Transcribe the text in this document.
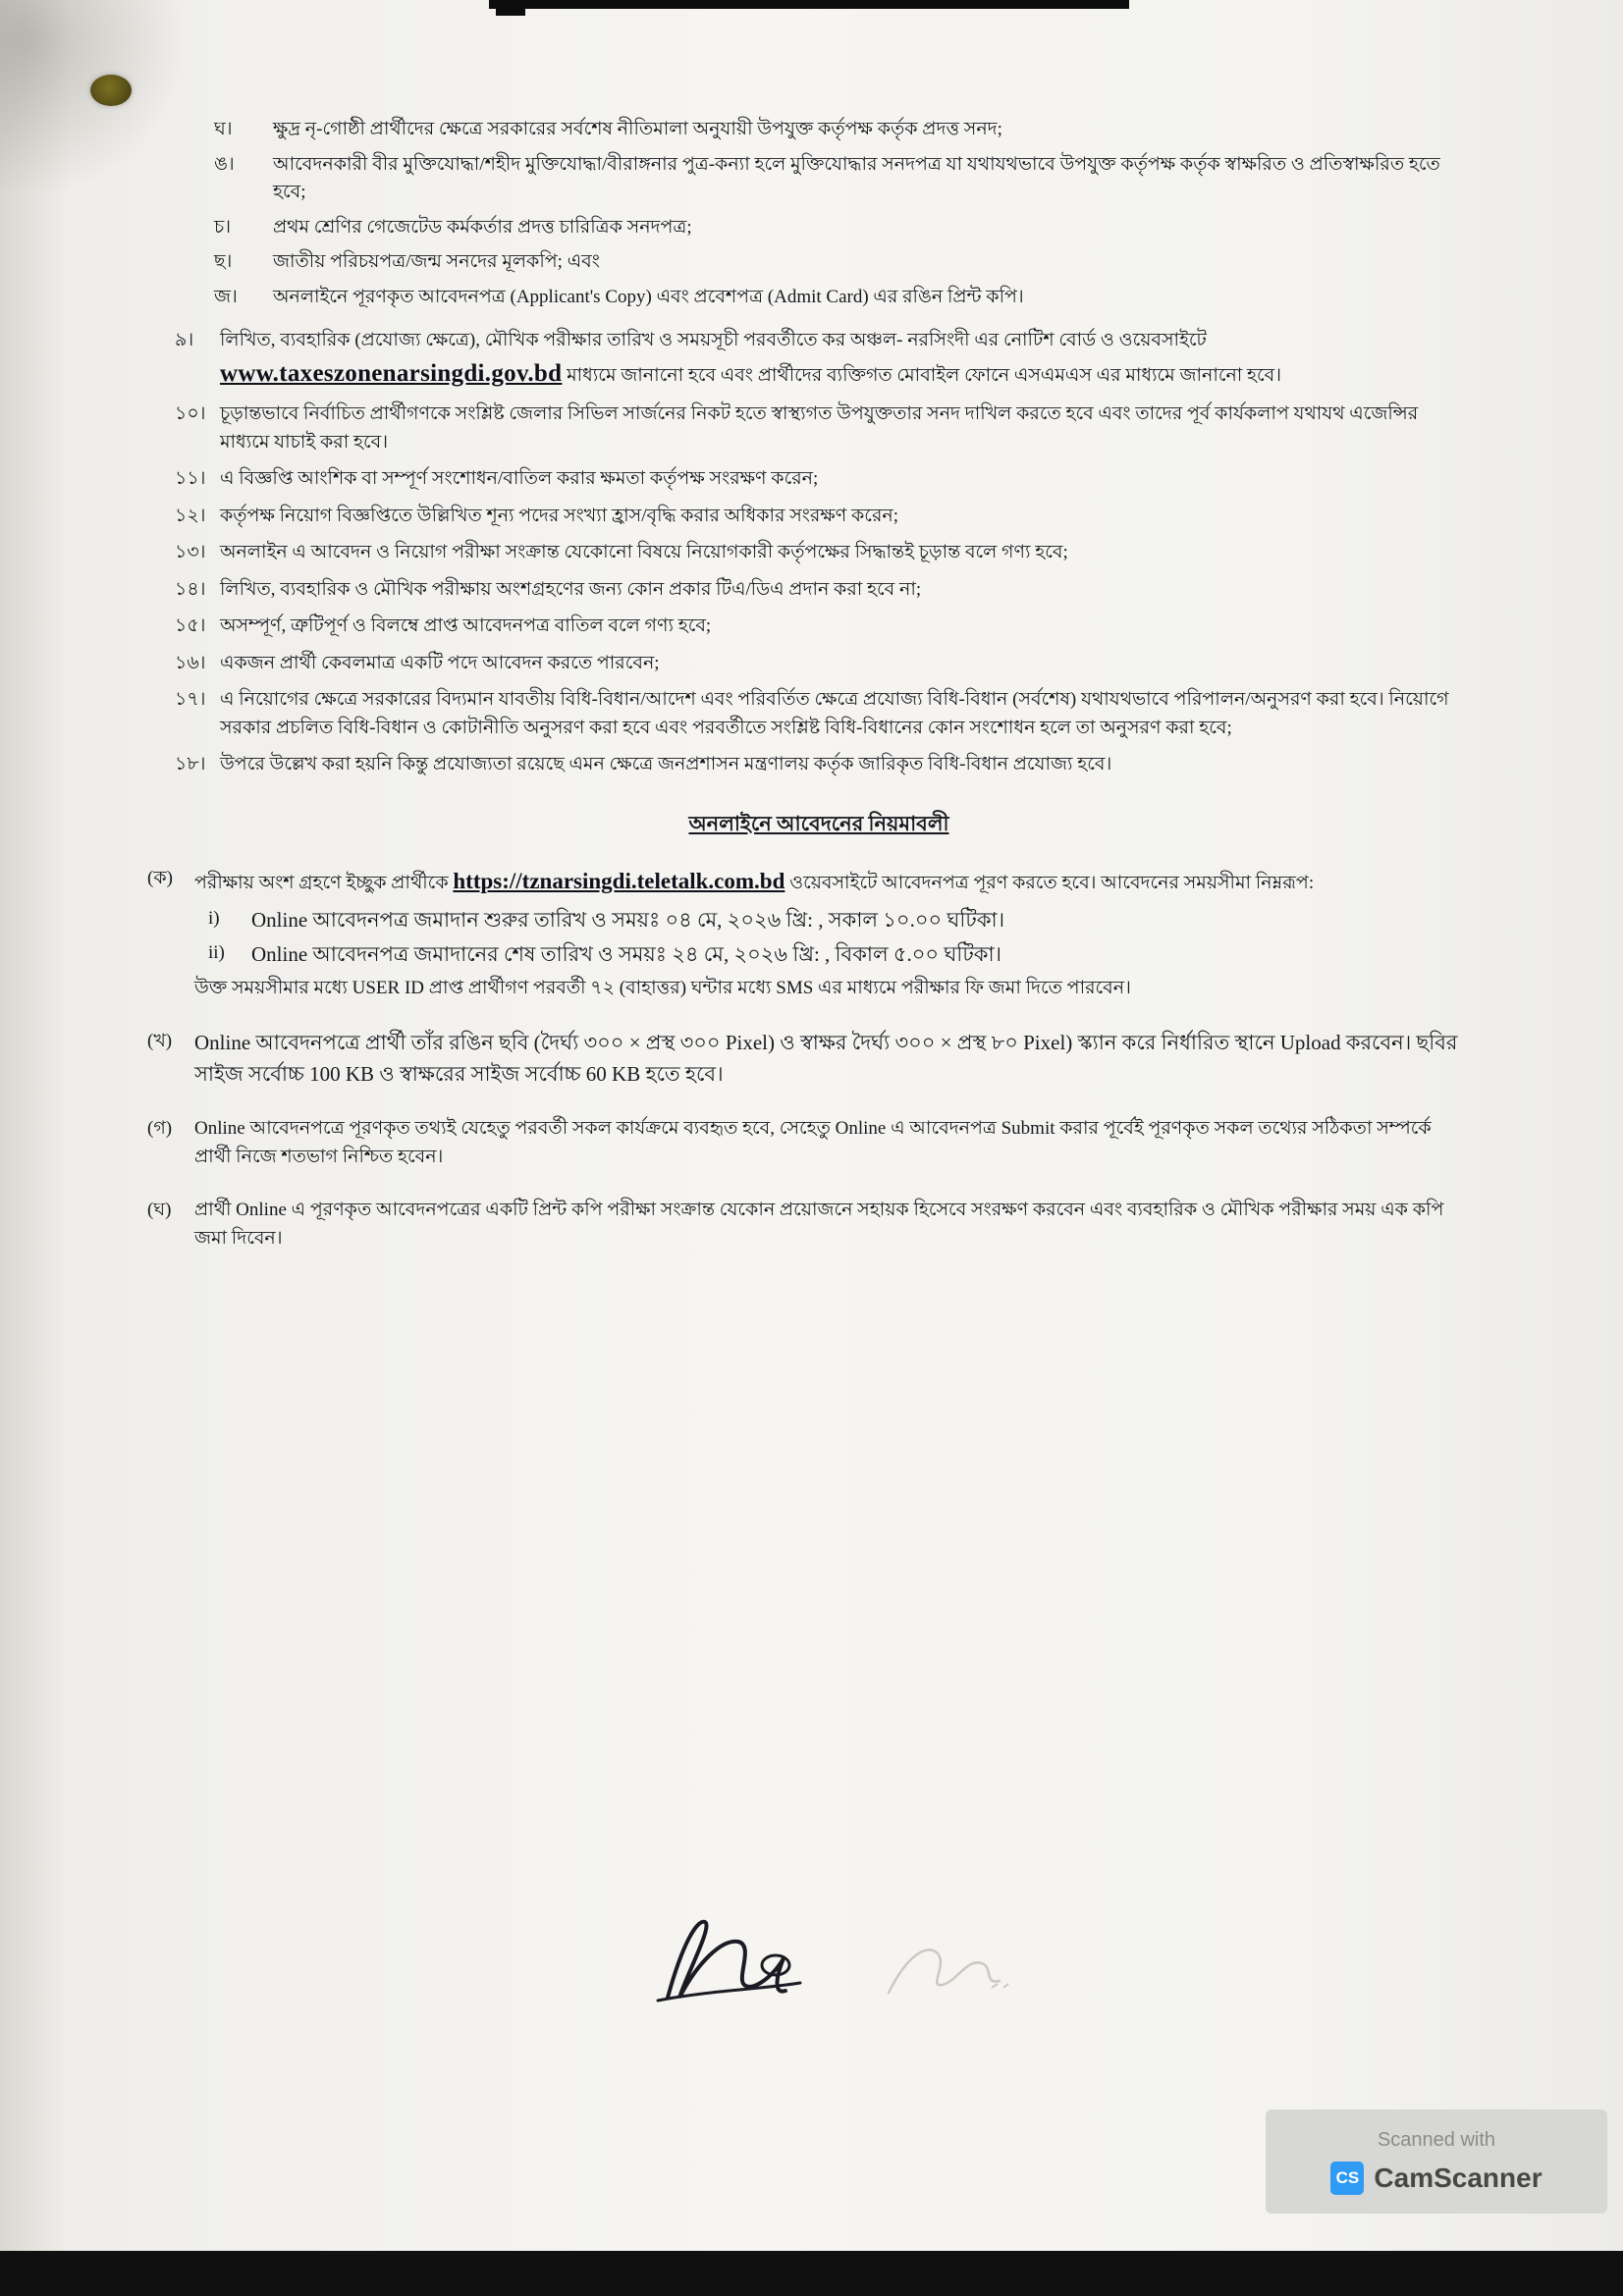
ঘ।	ক্ষুদ্র নৃ-গোষ্ঠী প্রার্থীদের ক্ষেত্রে সরকারের সর্বশেষ নীতিমালা অনুযায়ী উপযুক্ত কর্তৃপক্ষ কর্তৃক প্রদত্ত সনদ;
ঙ।	আবেদনকারী বীর মুক্তিযোদ্ধা/শহীদ মুক্তিযোদ্ধা/বীরাঙ্গনার পুত্র-কন্যা হলে মুক্তিযোদ্ধার সনদপত্র যা যথাযথভাবে উপযুক্ত কর্তৃপক্ষ কর্তৃক স্বাক্ষরিত ও প্রতিস্বাক্ষরিত হতে হবে;
চ।	প্রথম শ্রেণির গেজেটেড কর্মকর্তার প্রদত্ত চারিত্রিক সনদপত্র;
ছ।	জাতীয় পরিচয়পত্র/জন্ম সনদের মূলকপি; এবং
জ।	অনলাইনে পূরণকৃত আবেদনপত্র (Applicant's Copy) এবং প্রবেশপত্র (Admit Card) এর রঙিন প্রিন্ট কপি।
৯।	লিখিত, ব্যবহারিক (প্রযোজ্য ক্ষেত্রে), মৌখিক পরীক্ষার তারিখ ও সময়সূচী পরবর্তীতে কর অঞ্চল- নরসিংদী এর নোটিশ বোর্ড ও ওয়েবসাইটে www.taxeszonenarsingdi.gov.bd মাধ্যমে জানানো হবে এবং প্রার্থীদের ব্যক্তিগত মোবাইল ফোনে এসএমএস এর মাধ্যমে জানানো হবে।
১০। চূড়ান্তভাবে নির্বাচিত প্রার্থীগণকে সংশ্লিষ্ট জেলার সিভিল সার্জনের নিকট হতে স্বাস্থ্যগত উপযুক্ততার সনদ দাখিল করতে হবে এবং তাদের পূর্ব কার্যকলাপ যথাযথ এজেন্সির মাধ্যমে যাচাই করা হবে।
১১। এ বিজ্ঞপ্তি আংশিক বা সম্পূর্ণ সংশোধন/বাতিল করার ক্ষমতা কর্তৃপক্ষ সংরক্ষণ করেন;
১২। কর্তৃপক্ষ নিয়োগ বিজ্ঞপ্তিতে উল্লিখিত শূন্য পদের সংখ্যা হ্রাস/বৃদ্ধি করার অধিকার সংরক্ষণ করেন;
১৩। অনলাইন এ আবেদন ও নিয়োগ পরীক্ষা সংক্রান্ত যেকোনো বিষয়ে নিয়োগকারী কর্তৃপক্ষের সিদ্ধান্তই চূড়ান্ত বলে গণ্য হবে;
১৪। লিখিত, ব্যবহারিক ও মৌখিক পরীক্ষায় অংশগ্রহণের জন্য কোন প্রকার টিএ/ডিএ প্রদান করা হবে না;
১৫। অসম্পূর্ণ, ত্রুটিপূর্ণ ও বিলম্বে প্রাপ্ত আবেদনপত্র বাতিল বলে গণ্য হবে;
১৬। একজন প্রার্থী কেবলমাত্র একটি পদে আবেদন করতে পারবেন;
১৭। এ নিয়োগের ক্ষেত্রে সরকারের বিদ্যমান যাবতীয় বিধি-বিধান/আদেশ এবং পরিবর্তিত ক্ষেত্রে প্রযোজ্য বিধি-বিধান (সর্বশেষ) যথাযথভাবে পরিপালন/অনুসরণ করা হবে। নিয়োগে সরকার প্রচলিত বিধি-বিধান ও কোটানীতি অনুসরণ করা হবে এবং পরবর্তীতে সংশ্লিষ্ট বিধি-বিধানের কোন সংশোধন হলে তা অনুসরণ করা হবে;
১৮। উপরে উল্লেখ করা হয়নি কিন্তু প্রযোজ্যতা রয়েছে এমন ক্ষেত্রে জনপ্রশাসন মন্ত্রণালয় কর্তৃক জারিকৃত বিধি-বিধান প্রযোজ্য হবে।
অনলাইনে আবেদনের নিয়মাবলী
(ক)	পরীক্ষায় অংশ গ্রহণে ইচ্ছুক প্রার্থীকে https://tznarsingdi.teletalk.com.bd ওয়েবসাইটে আবেদনপত্র পূরণ করতে হবে। আবেদনের সময়সীমা নিম্নরূপ:
i)	Online আবেদনপত্র জমাদান শুরুর তারিখ ও সময়ঃ ০৪ মে, ২০২৬ খ্রি: , সকাল ১০.০০ ঘটিকা।
ii)	Online আবেদনপত্র জমাদানের শেষ তারিখ ও সময়ঃ ২৪ মে, ২০২৬ খ্রি: , বিকাল ৫.০০ ঘটিকা।
উক্ত সময়সীমার মধ্যে USER ID প্রাপ্ত প্রার্থীগণ পরবর্তী ৭২ (বাহাত্তর) ঘন্টার মধ্যে SMS এর মাধ্যমে পরীক্ষার ফি জমা দিতে পারবেন।
(খ)	Online আবেদনপত্রে প্রার্থী তাঁর রঙিন ছবি (দৈর্ঘ্য ৩০০ × প্রস্থ ৩০০ Pixel) ও স্বাক্ষর দৈর্ঘ্য ৩০০ × প্রস্থ ৮০ Pixel) স্ক্যান করে নির্ধারিত স্থানে Upload করবেন। ছবির সাইজ সর্বোচ্চ 100 KB ও স্বাক্ষরের সাইজ সর্বোচ্চ 60 KB হতে হবে।
(গ)	Online আবেদনপত্রে পূরণকৃত তথ্যই যেহেতু পরবর্তী সকল কার্যক্রমে ব্যবহৃত হবে, সেহেতু Online এ আবেদনপত্র Submit করার পূর্বেই পূরণকৃত সকল তথ্যের সঠিকতা সম্পর্কে প্রার্থী নিজে শতভাগ নিশ্চিত হবেন।
(ঘ)	প্রার্থী Online এ পূরণকৃত আবেদনপত্রের একটি প্রিন্ট কপি পরীক্ষা সংক্রান্ত যেকোন প্রয়োজনে সহায়ক হিসেবে সংরক্ষণ করবেন এবং ব্যবহারিক ও মৌখিক পরীক্ষার সময় এক কপি জমা দিবেন।
Scanned with
CS CamScanner
